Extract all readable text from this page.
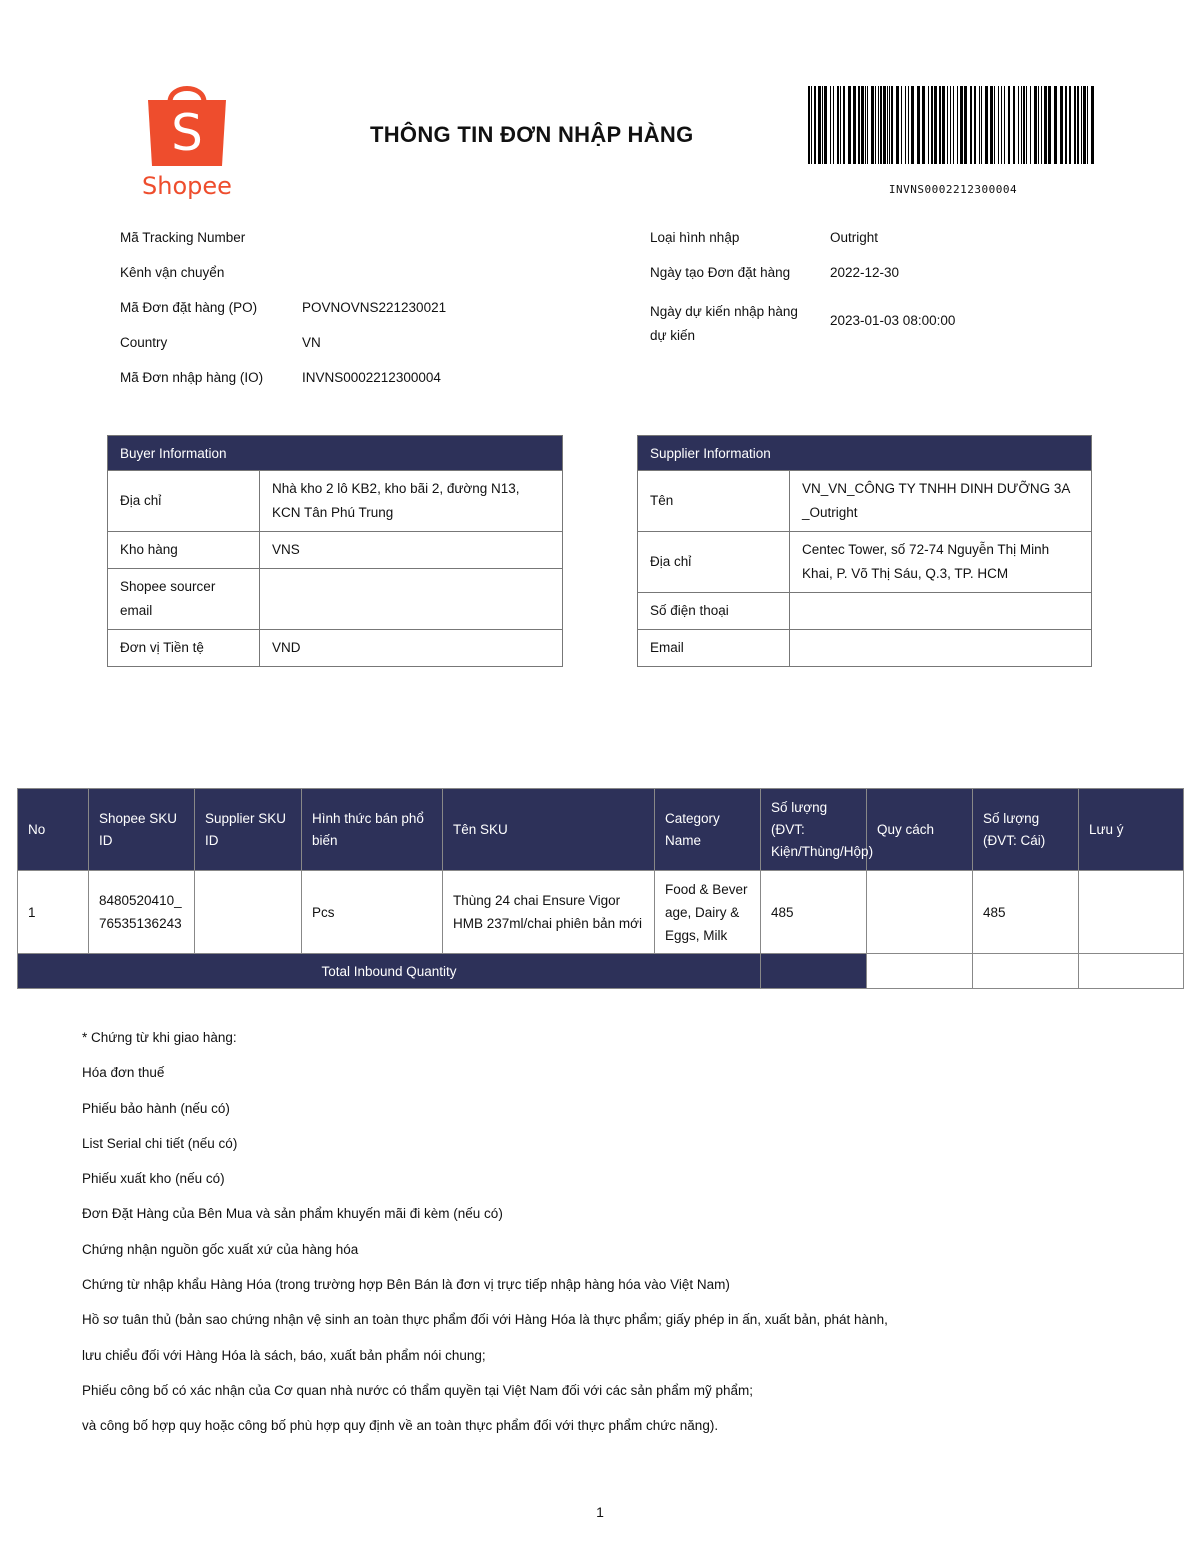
S
Shopee
THÔNG TIN ĐƠN NHẬP HÀNG
INVNS0002212300004
Mã Tracking Number
Kênh vận chuyển
Mã Đơn đặt hàng (PO)	POVNOVNS221230021
Country	VN
Mã Đơn nhập hàng (IO)	INVNS0002212300004
Loại hình nhập	Outright
Ngày tạo Đơn đặt hàng	2022-12-30
Ngày dự kiến nhập hàng dự kiến
2023-01-03 08:00:00
Buyer Information	
Địa chỉ	Nhà kho 2 lô KB2, kho bãi 2, đường N13, KCN Tân Phú Trung
Kho hàng	VNS
Shopee sourcer email	
Đơn vị Tiền tệ	VND
Supplier Information	
Tên	VN_VN_CÔNG TY TNHH DINH DƯỠNG 3A _Outright
Địa chỉ	Centec Tower, số 72-74 Nguyễn Thị Minh Khai, P. Võ Thị Sáu, Q.3, TP. HCM
Số điện thoại	
Email	
No	Shopee SKU ID	Supplier SKU ID	Hình thức bán phổ biến	Tên SKU	Category Name	Số lượng (ĐVT: Kiện/Thùng/Hộp)	Quy cách	Số lượng (ĐVT: Cái)	Lưu ý
1	8480520410_76535136243		Pcs	Thùng 24 chai Ensure Vigor HMB 237ml/chai phiên bản mới	Food & Beverage, Dairy & Eggs, Milk	485		485	
Total Inbound Quantity									
* Chứng từ khi giao hàng:
Hóa đơn thuế
Phiếu bảo hành (nếu có)
List Serial chi tiết (nếu có)
Phiếu xuất kho (nếu có)
Đơn Đặt Hàng của Bên Mua và sản phẩm khuyến mãi đi kèm (nếu có)
Chứng nhận nguồn gốc xuất xứ của hàng hóa
Chứng từ nhập khẩu Hàng Hóa (trong trường hợp Bên Bán là đơn vị trực tiếp nhập hàng hóa vào Việt Nam)
Hồ sơ tuân thủ (bản sao chứng nhận vệ sinh an toàn thực phẩm đối với Hàng Hóa là thực phẩm; giấy phép in ấn, xuất bản, phát hành,
lưu chiểu đối với Hàng Hóa là sách, báo, xuất bản phẩm nói chung;
Phiếu công bố có xác nhận của Cơ quan nhà nước có thẩm quyền tại Việt Nam đối với các sản phẩm mỹ phẩm;
và công bố hợp quy hoặc công bố phù hợp quy định về an toàn thực phẩm đối với thực phẩm chức năng).
1
